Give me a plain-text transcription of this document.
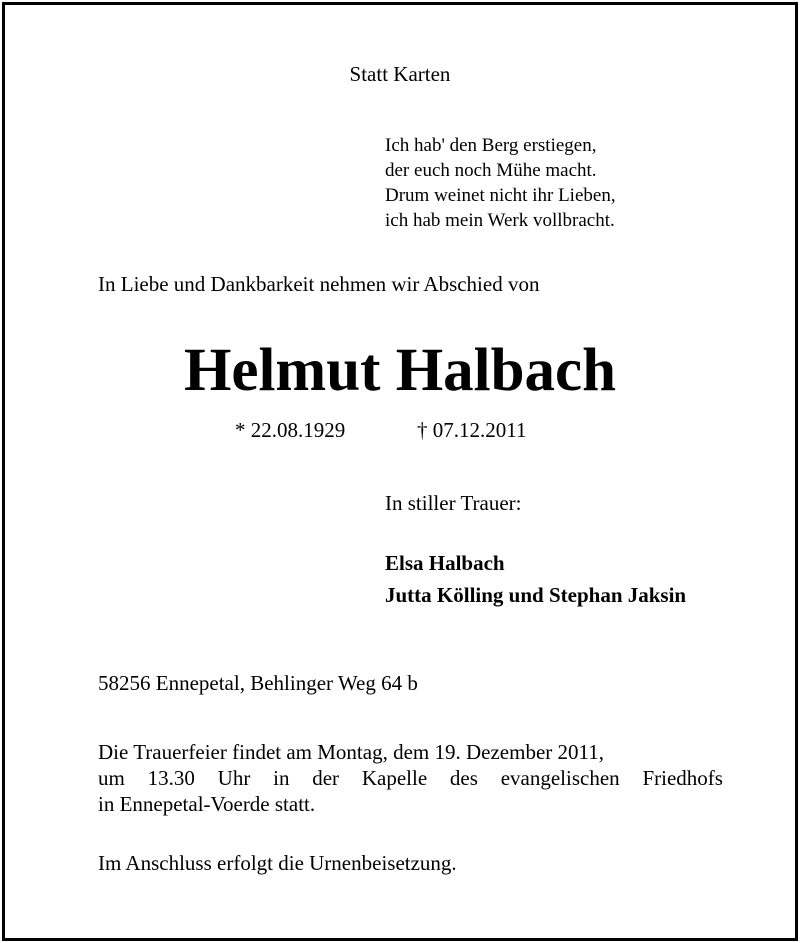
Statt Karten
Ich hab' den Berg erstiegen,
der euch noch Mühe macht.
Drum weinet nicht ihr Lieben,
ich hab mein Werk vollbracht.
In Liebe und Dankbarkeit nehmen wir Abschied von
Helmut Halbach
* 22.08.1929	† 07.12.2011
In stiller Trauer:
Elsa Halbach
Jutta Kölling und Stephan Jaksin
58256 Ennepetal, Behlinger Weg 64 b
Die Trauerfeier findet am Montag, dem 19. Dezember 2011,
um 13.30 Uhr in der Kapelle des evangelischen Friedhofs
in Ennepetal-Voerde statt.
Im Anschluss erfolgt die Urnenbeisetzung.
